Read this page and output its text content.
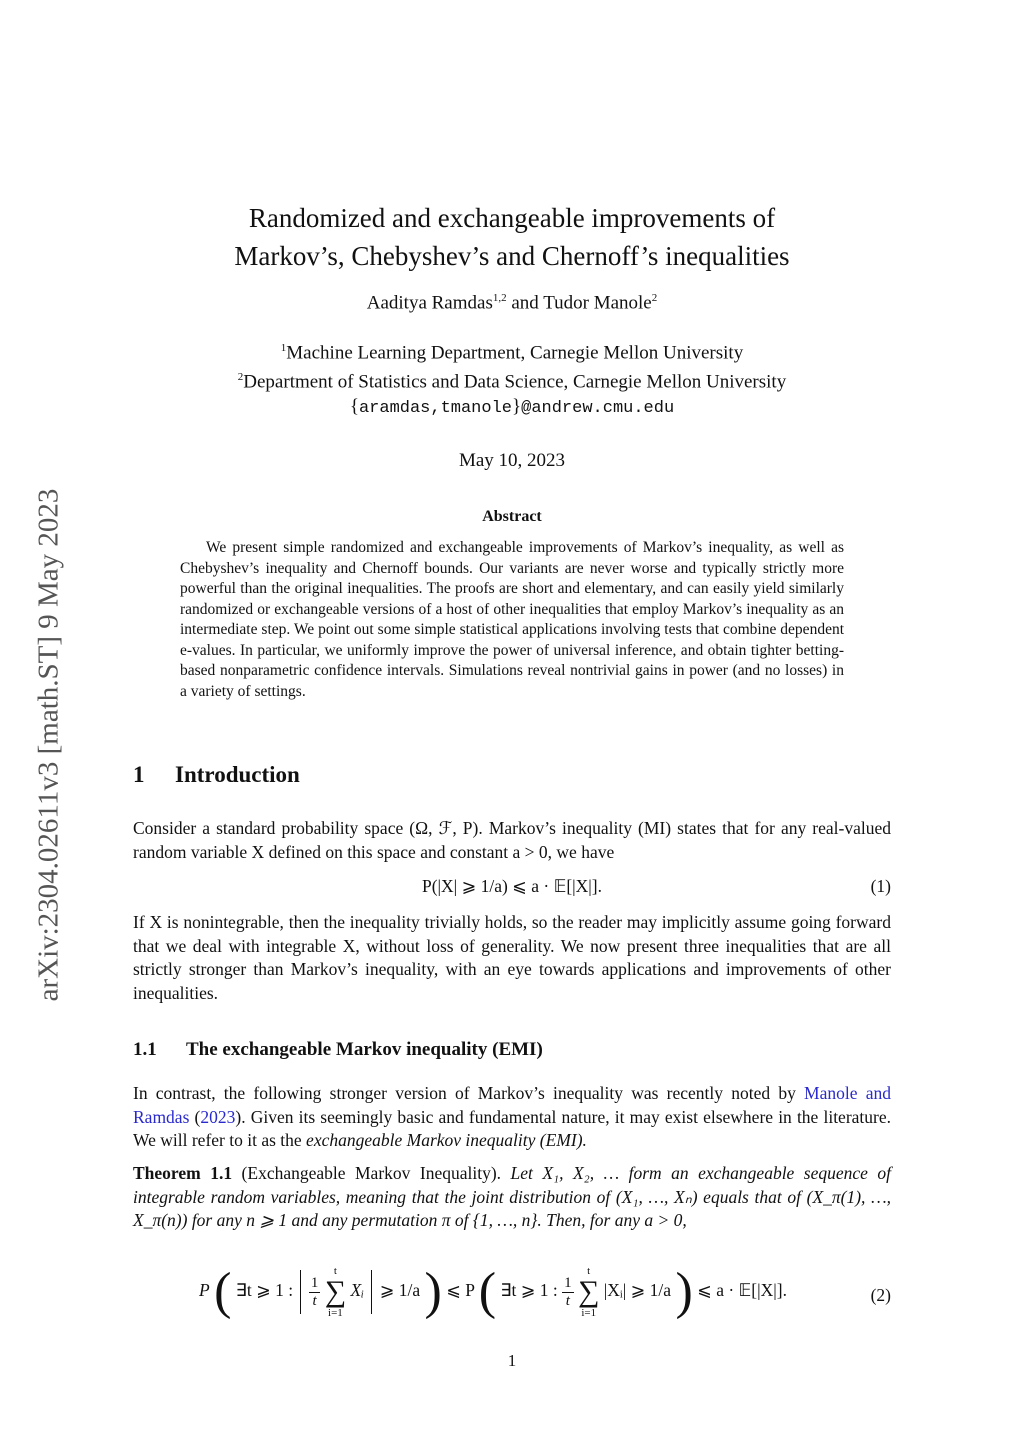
arXiv:2304.02611v3 [math.ST] 9 May 2023
Randomized and exchangeable improvements of
Markov’s, Chebyshev’s and Chernoff’s inequalities
Aaditya Ramdas$^{1,2}$ and Tudor Manole$^2$
$^1$Machine Learning Department, Carnegie Mellon University
$^2$Department of Statistics and Data Science, Carnegie Mellon University
{aramdas,tmanole}@andrew.cmu.edu
May 10, 2023
Abstract
We present simple randomized and exchangeable improvements of Markov’s inequality, as well as Chebyshev’s inequality and Chernoff bounds. Our variants are never worse and typically strictly more powerful than the original inequalities. The proofs are short and elementary, and can easily yield similarly randomized or exchangeable versions of a host of other inequalities that employ Markov’s inequality as an intermediate step. We point out some simple statistical applications involving tests that combine dependent e-values. In particular, we uniformly improve the power of universal inference, and obtain tighter betting-based nonparametric confidence intervals. Simulations reveal nontrivial gains in power (and no losses) in a variety of settings.
1 Introduction
Consider a standard probability space (Ω, ℱ, P). Markov’s inequality (MI) states that for any real-valued random variable X defined on this space and constant a > 0, we have
P(|X| ⩾ 1/a) ⩽ a · 𝔼[|X|].	(1)
If X is nonintegrable, then the inequality trivially holds, so the reader may implicitly assume going forward that we deal with integrable X, without loss of generality. We now present three inequalities that are all strictly stronger than Markov’s inequality, with an eye towards applications and improvements of other inequalities.
1.1 The exchangeable Markov inequality (EMI)
In contrast, the following stronger version of Markov’s inequality was recently noted by Manole and Ramdas (2023). Given its seemingly basic and fundamental nature, it may exist elsewhere in the literature. We will refer to it as the exchangeable Markov inequality (EMI).
Theorem 1.1 (Exchangeable Markov Inequality). Let X₁, X₂, … form an exchangeable sequence of integrable random variables, meaning that the joint distribution of (X₁, …, Xₙ) equals that of (X_π(1), …, X_π(n)) for any n ⩾ 1 and any permutation π of {1, …, n}. Then, for any a > 0,
P ( ∃t ⩾ 1 : $\frac{1}{t}$

t
∑
i=1
Xᵢ ⩾ 1/a ) ⩽ P ( ∃t ⩾ 1 : $\frac{1}{t}$

t
∑
i=1
|Xᵢ| ⩾ 1/a ) ⩽ a · 𝔼[|X|].	(2)
1
